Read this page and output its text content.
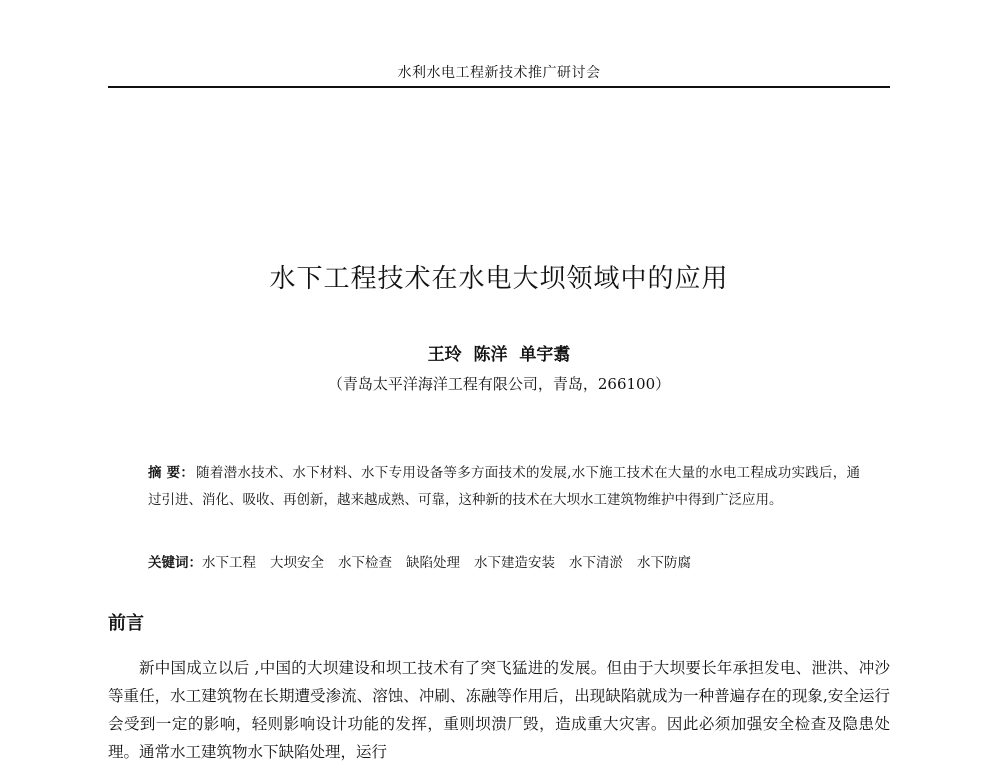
水利水电工程新技术推广研讨会
水下工程技术在水电大坝领域中的应用
王玲 陈洋 单宇翥
（青岛太平洋海洋工程有限公司，青岛，266100）
摘 要： 随着潜水技术、水下材料、水下专用设备等多方面技术的发展,水下施工技术在大量的水电工程成功实践后，通过引进、消化、吸收、再创新，越来越成熟、可靠，这种新的技术在大坝水工建筑物维护中得到广泛应用。
关键词：水下工程 大坝安全 水下检查 缺陷处理 水下建造安装 水下清淤 水下防腐
前言
新中国成立以后 ,中国的大坝建设和坝工技术有了突飞猛进的发展。但由于大坝要长年承担发电、泄洪、冲沙等重任，水工建筑物在长期遭受渗流、溶蚀、冲刷、冻融等作用后，出现缺陷就成为一种普遍存在的现象,安全运行会受到一定的影响，轻则影响设计功能的发挥，重则坝溃厂毁，造成重大灾害。因此必须加强安全检查及隐患处理。通常水工建筑物水下缺陷处理，运行
